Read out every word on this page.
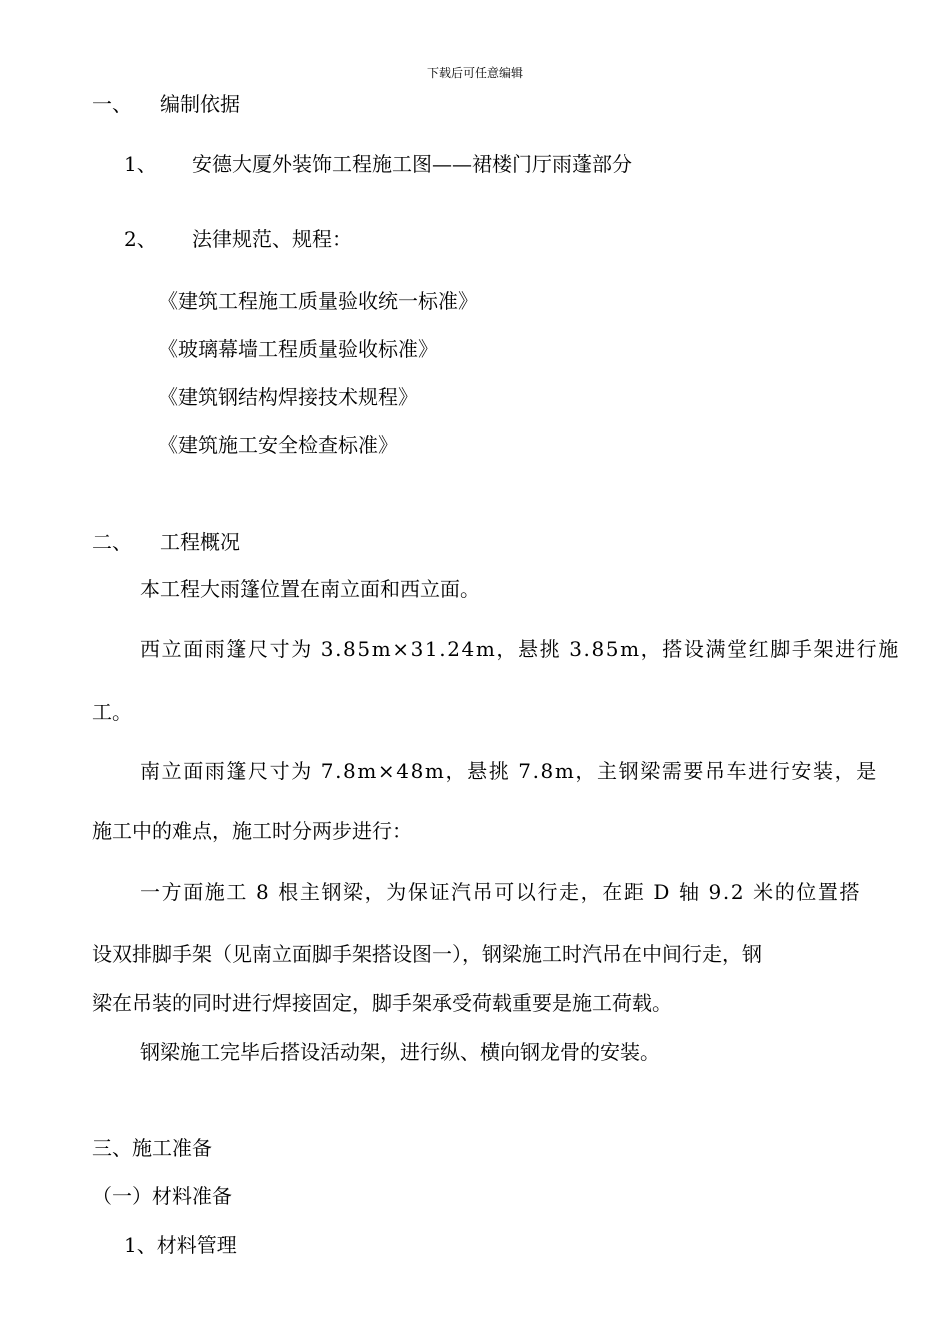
下载后可任意编辑
一、 编制依据
1、 安德大厦外装饰工程施工图——裙楼门厅雨蓬部分
2、 法律规范、规程：
《建筑工程施工质量验收统一标准》
《玻璃幕墙工程质量验收标准》
《建筑钢结构焊接技术规程》
《建筑施工安全检查标准》
二、 工程概况
本工程大雨篷位置在南立面和西立面。
西立面雨篷尺寸为 3.85m×31.24m，悬挑 3.85m，搭设满堂红脚手架进行施
工。
南立面雨篷尺寸为 7.8m×48m，悬挑 7.8m，主钢梁需要吊车进行安装，是
施工中的难点，施工时分两步进行：
一方面施工 8 根主钢梁，为保证汽吊可以行走，在距 D 轴 9.2 米的位置搭
设双排脚手架（见南立面脚手架搭设图一），钢梁施工时汽吊在中间行走，钢
梁在吊装的同时进行焊接固定，脚手架承受荷载重要是施工荷载。
钢梁施工完毕后搭设活动架，进行纵、横向钢龙骨的安装。
三、施工准备
（一）材料准备
1、材料管理
